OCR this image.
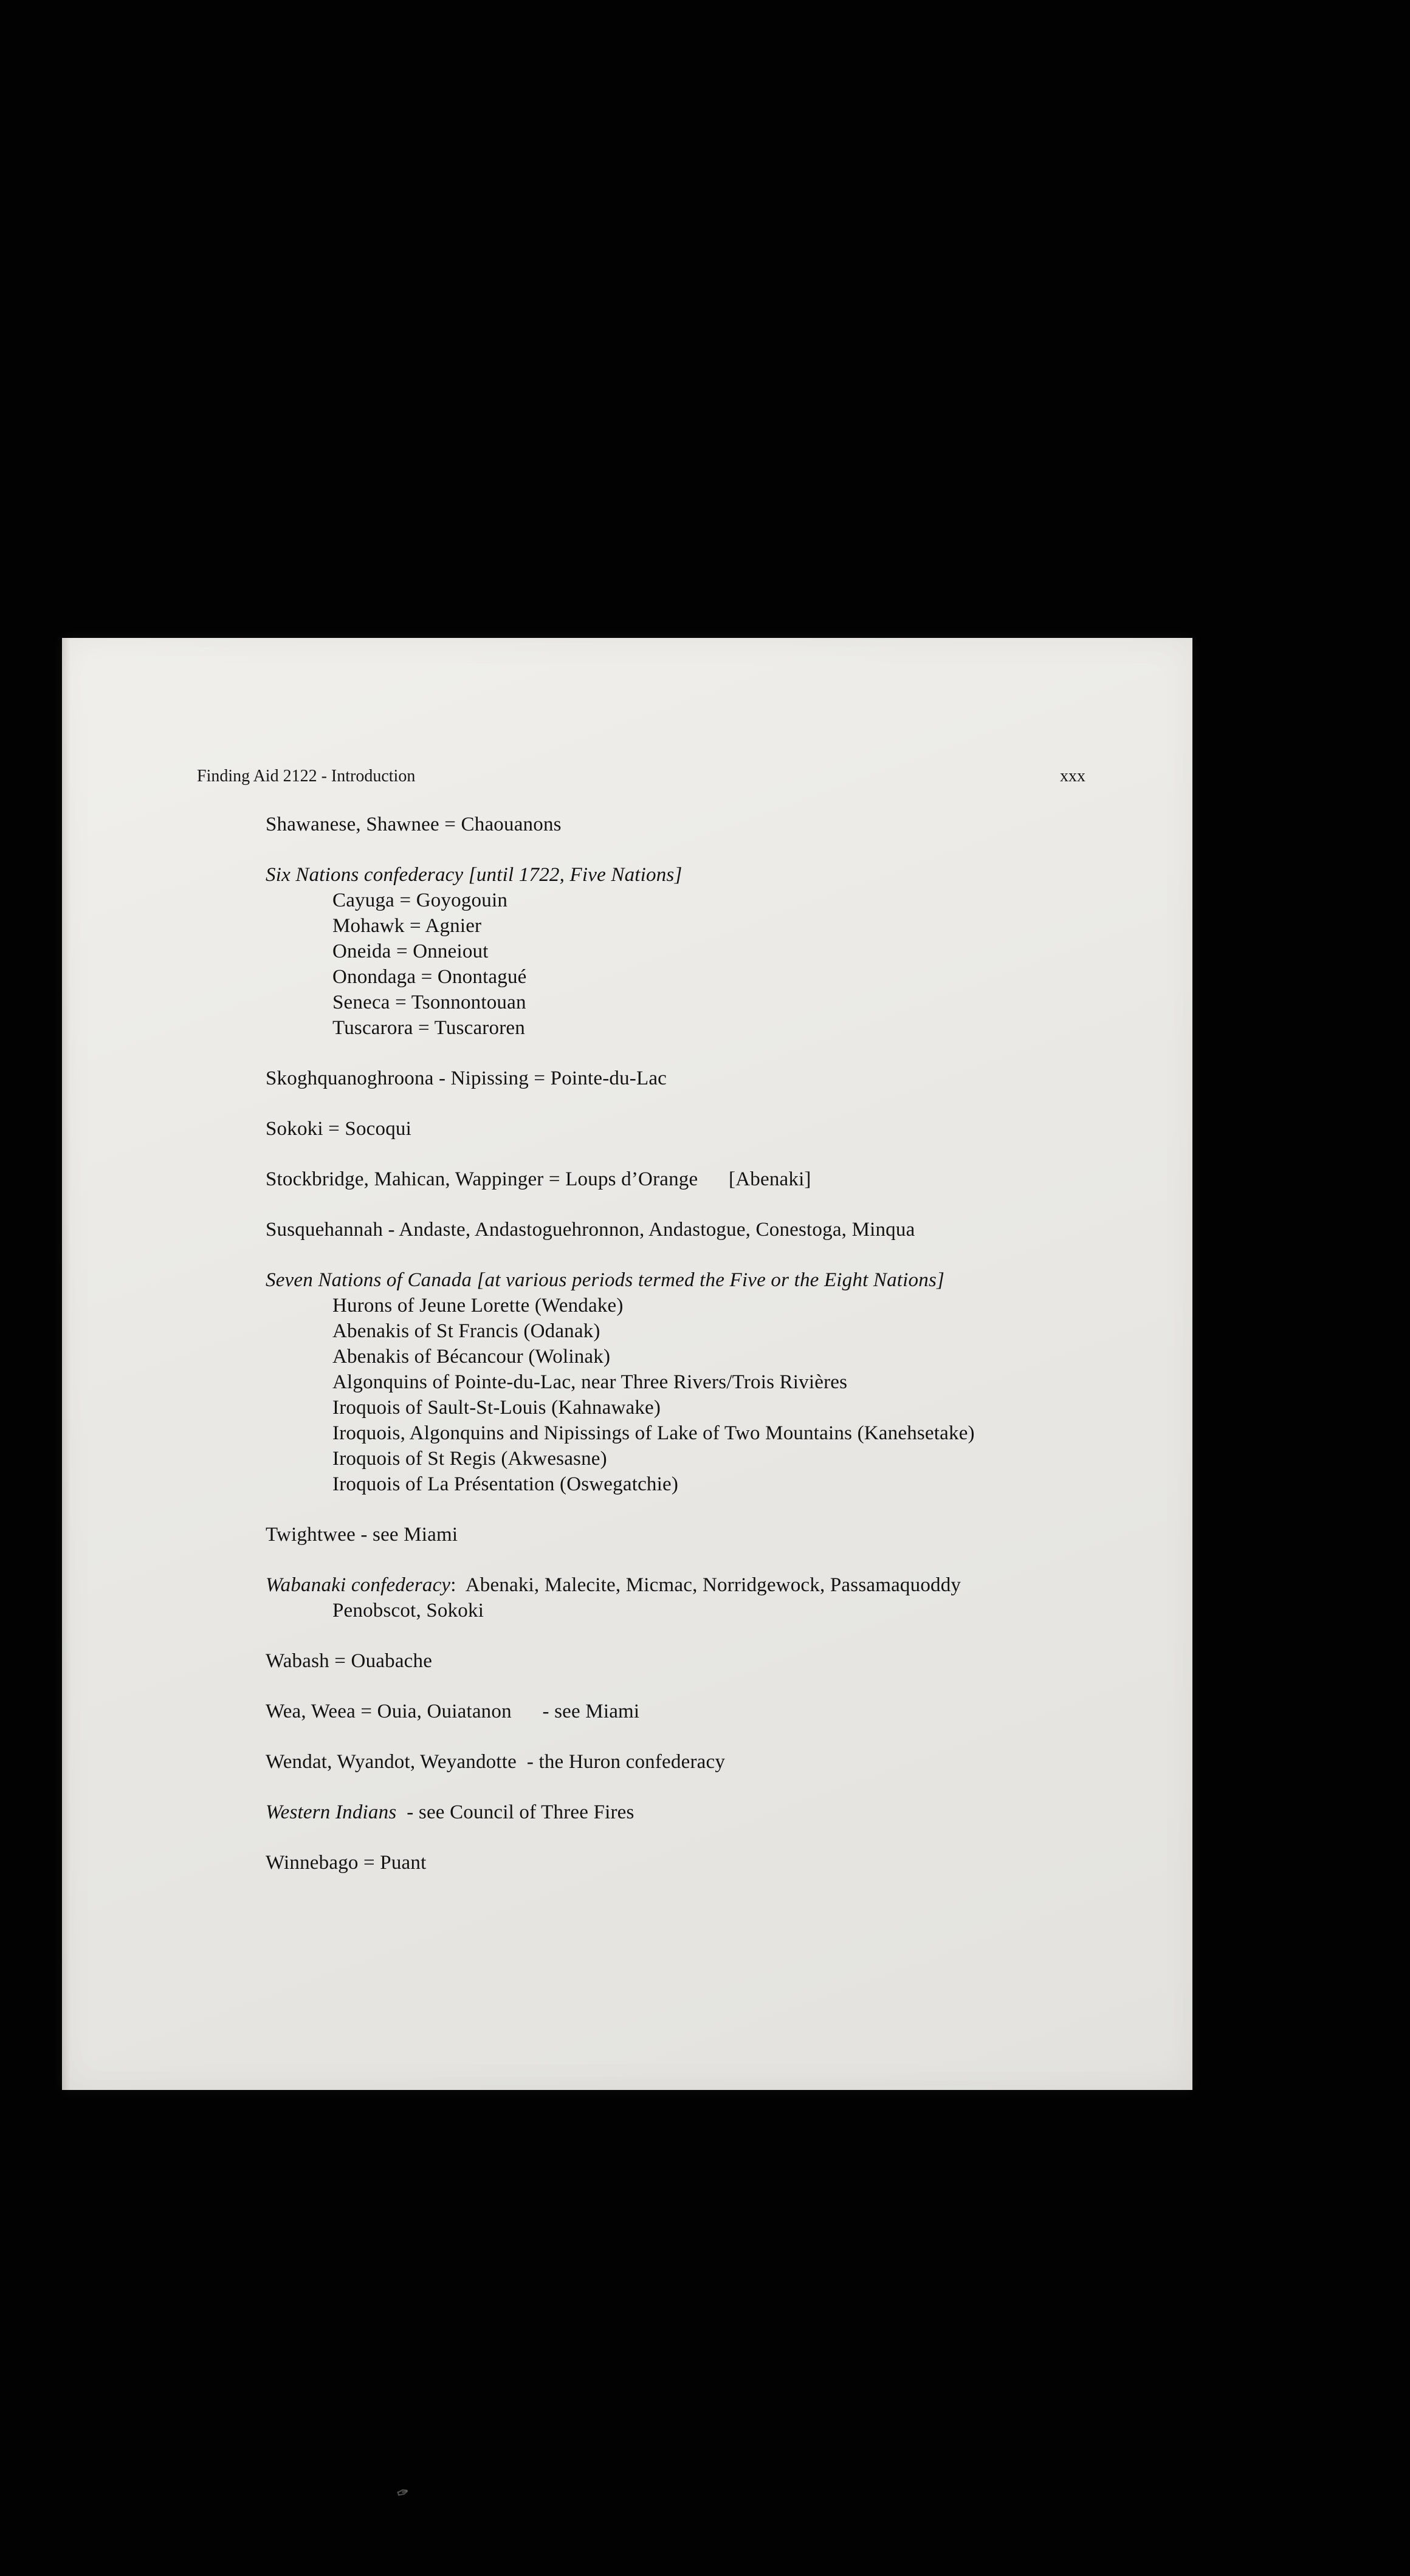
Finding Aid 2122 - Introduction	xxx
Shawanese, Shawnee = Chaouanons
Six Nations confederacy [until 1722, Five Nations]
Cayuga = Goyogouin
Mohawk = Agnier
Oneida = Onneiout
Onondaga = Onontagué
Seneca = Tsonnontouan
Tuscarora = Tuscaroren
Skoghquanoghroona - Nipissing = Pointe-du-Lac
Sokoki = Socoqui
Stockbridge, Mahican, Wappinger = Loups d’Orange      [Abenaki]
Susquehannah - Andaste, Andastoguehronnon, Andastogue, Conestoga, Minqua
Seven Nations of Canada [at various periods termed the Five or the Eight Nations]
Hurons of Jeune Lorette (Wendake)
Abenakis of St Francis (Odanak)
Abenakis of Bécancour (Wolinak)
Algonquins of Pointe-du-Lac, near Three Rivers/Trois Rivières
Iroquois of Sault-St-Louis (Kahnawake)
Iroquois, Algonquins and Nipissings of Lake of Two Mountains (Kanehsetake)
Iroquois of St Regis (Akwesasne)
Iroquois of La Présentation (Oswegatchie)
Twightwee - see Miami
Wabanaki confederacy:  Abenaki, Malecite, Micmac, Norridgewock, Passamaquoddy
Penobscot, Sokoki
Wabash = Ouabache
Wea, Weea = Ouia, Ouiatanon      - see Miami
Wendat, Wyandot, Weyandotte  - the Huron confederacy
Western Indians  - see Council of Three Fires
Winnebago = Puant
✑
